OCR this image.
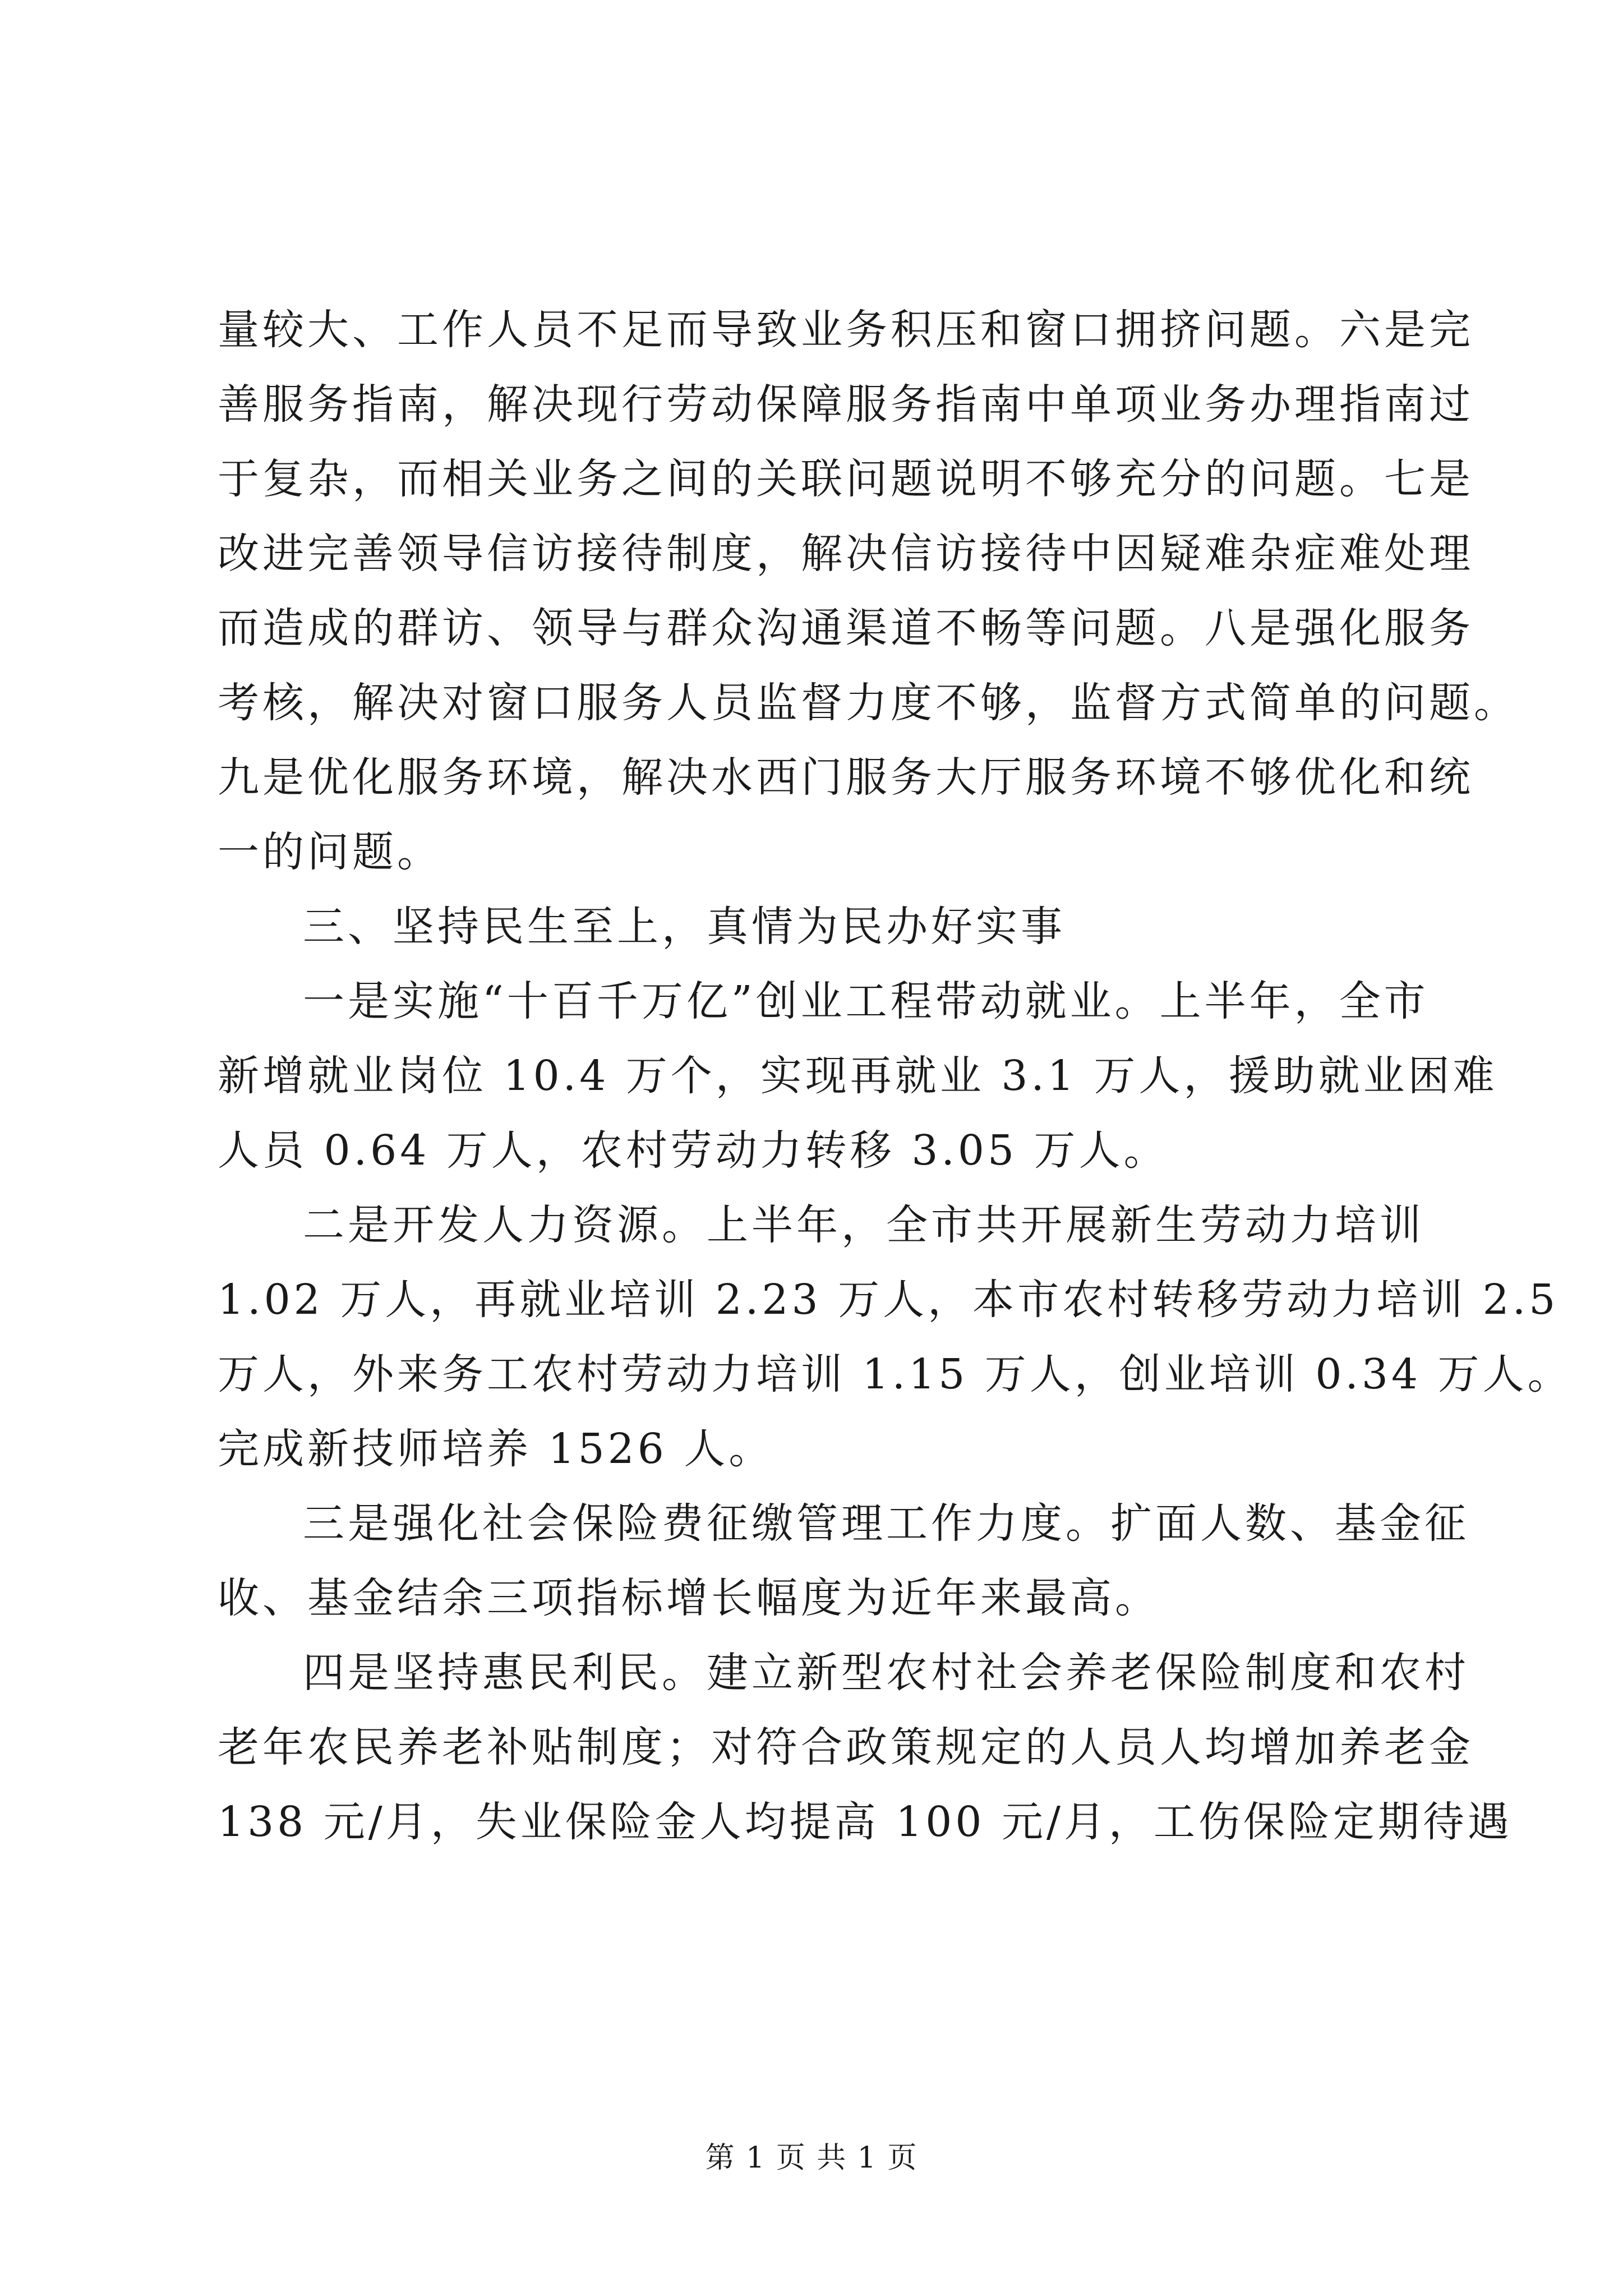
量较大、工作人员不足而导致业务积压和窗口拥挤问题。六是完
善服务指南，解决现行劳动保障服务指南中单项业务办理指南过
于复杂，而相关业务之间的关联问题说明不够充分的问题。七是
改进完善领导信访接待制度，解决信访接待中因疑难杂症难处理
而造成的群访、领导与群众沟通渠道不畅等问题。八是强化服务
考核，解决对窗口服务人员监督力度不够，监督方式简单的问题。
九是优化服务环境，解决水西门服务大厅服务环境不够优化和统
一的问题。
三、坚持民生至上，真情为民办好实事
一是实施“十百千万亿”创业工程带动就业。上半年，全市
新增就业岗位 10.4 万个，实现再就业 3.1 万人，援助就业困难
人员 0.64 万人，农村劳动力转移 3.05 万人。
二是开发人力资源。上半年，全市共开展新生劳动力培训
1.02 万人，再就业培训 2.23 万人，本市农村转移劳动力培训 2.5
万人，外来务工农村劳动力培训 1.15 万人，创业培训 0.34 万人。
完成新技师培养 1526 人。
三是强化社会保险费征缴管理工作力度。扩面人数、基金征
收、基金结余三项指标增长幅度为近年来最高。
四是坚持惠民利民。建立新型农村社会养老保险制度和农村
老年农民养老补贴制度；对符合政策规定的人员人均增加养老金
138 元/月，失业保险金人均提高 100 元/月，工伤保险定期待遇
第 1 页 共 1 页
